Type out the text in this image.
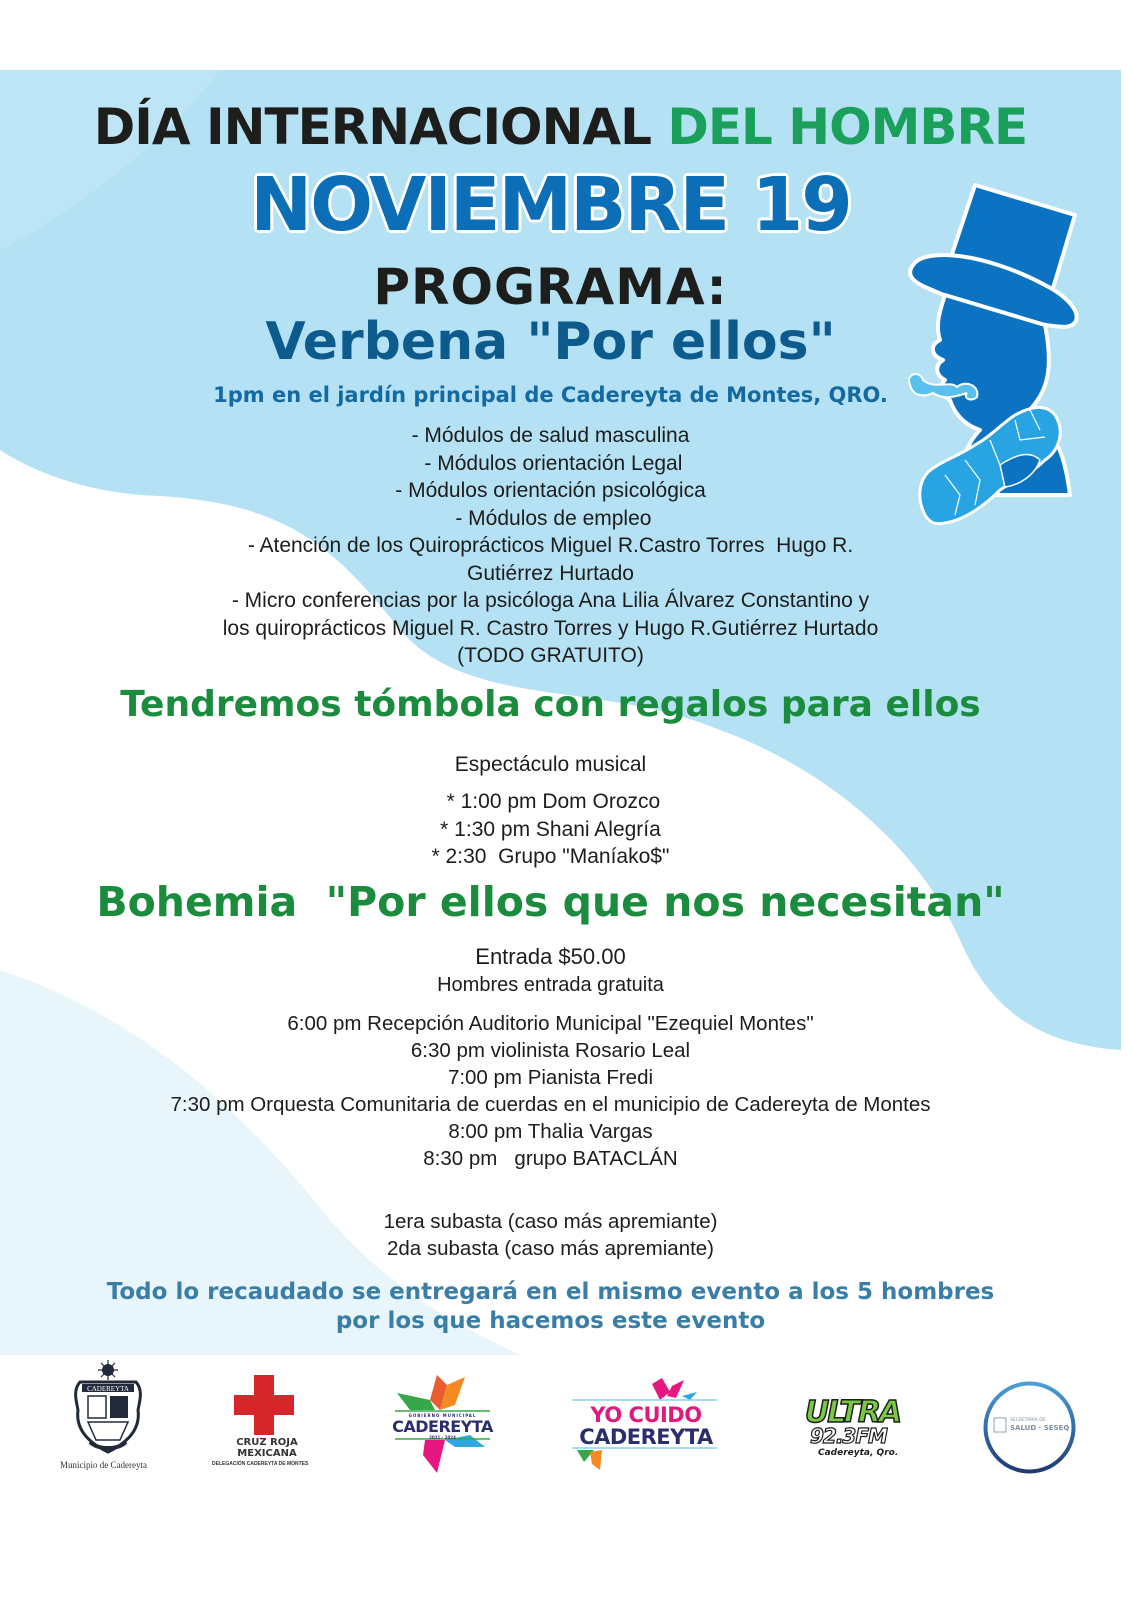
DÍA INTERNACIONAL DEL HOMBRE
NOVIEMBRE 19
PROGRAMA:
Verbena "Por ellos"
1pm en el jardín principal de Cadereyta de Montes, QRO.
- Módulos de salud masculina
- Módulos orientación Legal
- Módulos orientación psicológica
- Módulos de empleo
- Atención de los Quiroprácticos Miguel R.Castro Torres  Hugo R.
Gutiérrez Hurtado
- Micro conferencias por la psicóloga Ana Lilia Álvarez Constantino y
los quiroprácticos Miguel R. Castro Torres y Hugo R.Gutiérrez Hurtado
(TODO GRATUITO)
Tendremos tómbola con regalos para ellos
Espectáculo musical
* 1:00 pm Dom Orozco
* 1:30 pm Shani Alegría
* 2:30  Grupo "Maníako$"
Bohemia  "Por ellos que nos necesitan"
Entrada $50.00
Hombres entrada gratuita
6:00 pm Recepción Auditorio Municipal "Ezequiel Montes"
6:30 pm violinista Rosario Leal
7:00 pm Pianista Fredi
7:30 pm Orquesta Comunitaria de cuerdas en el municipio de Cadereyta de Montes
8:00 pm Thalia Vargas
8:30 pm   grupo BATACLÁN
1era subasta (caso más apremiante)
2da subasta (caso más apremiante)
Todo lo recaudado se entregará en el mismo evento a los 5 hombres
por los que hacemos este evento
CADEREYTA
Municipio de Cadereyta
CRUZ ROJA
MEXICANA
DELEGACIÓN CADEREYTA DE MONTES
GOBIERNO MUNICIPAL
CADEREYTA
2021 - 2024
YO CUIDO
CADEREYTA
ULTRA
92.3FM
Cadereyta, Qro.
SECRETARÍA DE
SALUD · SESEQ
